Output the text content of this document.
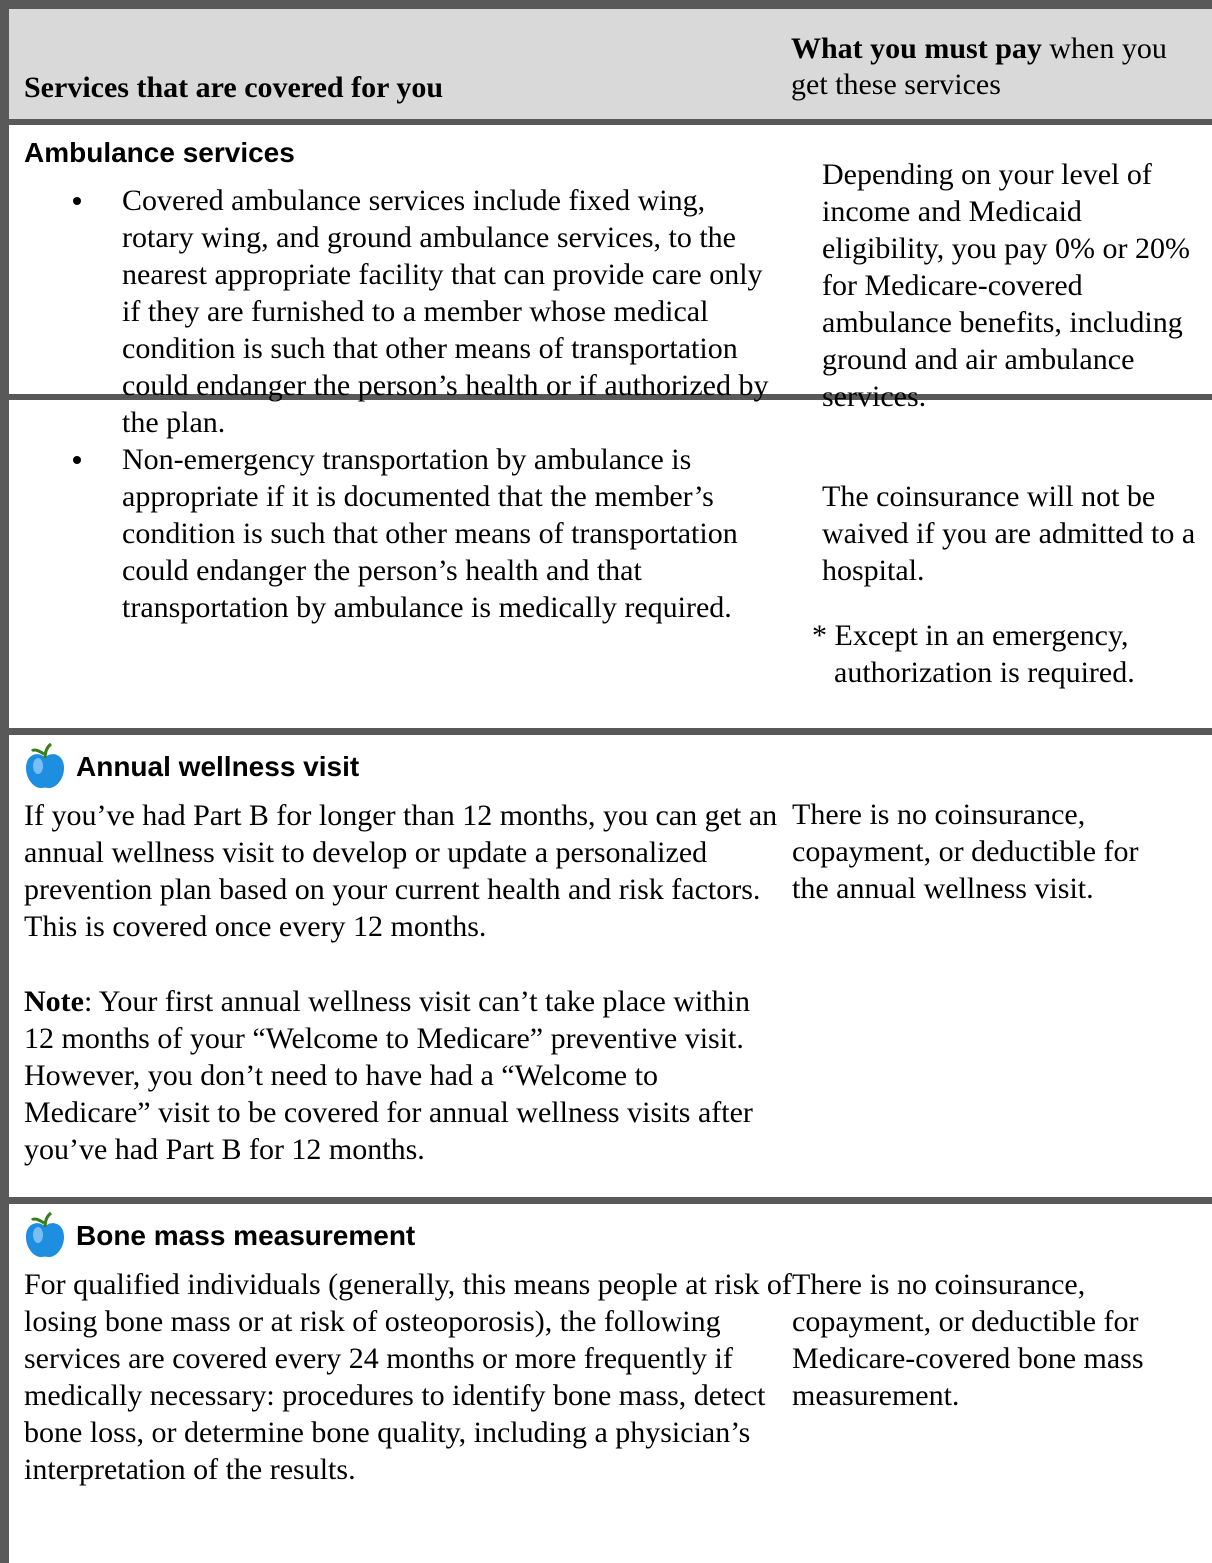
Services that are covered for you
What you must pay when you get these services
Ambulance services
Covered ambulance services include fixed wing, rotary wing, and ground ambulance services, to the nearest appropriate facility that can provide care only if they are furnished to a member whose medical condition is such that other means of transportation could endanger the person’s health or if authorized by the plan.
Non-emergency transportation by ambulance is appropriate if it is documented that the member’s condition is such that other means of transportation could endanger the person’s health and that transportation by ambulance is medically required.

Depending on your level of income and Medicaid eligibility, you pay 0% or 20% for Medicare-covered ambulance benefits, including ground and air ambulance services.

The coinsurance will not be waived if you are admitted to a hospital.

* Except in an emergency, authorization is required.

Annual wellness visit

If you’ve had Part B for longer than 12 months, you can get an annual wellness visit to develop or update a personalized prevention plan based on your current health and risk factors. This is covered once every 12 months.

Note: Your first annual wellness visit can’t take place within 12 months of your “Welcome to Medicare” preventive visit. However, you don’t need to have had a “Welcome to Medicare” visit to be covered for annual wellness visits after you’ve had Part B for 12 months.

There is no coinsurance, copayment, or deductible for the annual wellness visit.

Bone mass measurement

For qualified individuals (generally, this means people at risk of losing bone mass or at risk of osteoporosis), the following services are covered every 24 months or more frequently if medically necessary: procedures to identify bone mass, detect bone loss, or determine bone quality, including a physician’s interpretation of the results.

There is no coinsurance, copayment, or deductible for Medicare-covered bone mass measurement.
